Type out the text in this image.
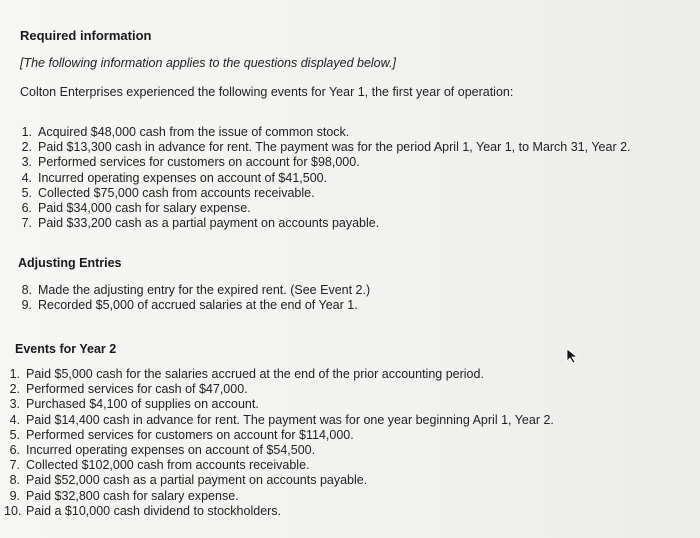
Required information
[The following information applies to the questions displayed below.]
Colton Enterprises experienced the following events for Year 1, the first year of operation:
1. Acquired $48,000 cash from the issue of common stock.
2. Paid $13,300 cash in advance for rent. The payment was for the period April 1, Year 1, to March 31, Year 2.
3. Performed services for customers on account for $98,000.
4. Incurred operating expenses on account of $41,500.
5. Collected $75,000 cash from accounts receivable.
6. Paid $34,000 cash for salary expense.
7. Paid $33,200 cash as a partial payment on accounts payable.
Adjusting Entries
8. Made the adjusting entry for the expired rent. (See Event 2.)
9. Recorded $5,000 of accrued salaries at the end of Year 1.
Events for Year 2
1. Paid $5,000 cash for the salaries accrued at the end of the prior accounting period.
2. Performed services for cash of $47,000.
3. Purchased $4,100 of supplies on account.
4. Paid $14,400 cash in advance for rent. The payment was for one year beginning April 1, Year 2.
5. Performed services for customers on account for $114,000.
6. Incurred operating expenses on account of $54,500.
7. Collected $102,000 cash from accounts receivable.
8. Paid $52,000 cash as a partial payment on accounts payable.
9. Paid $32,800 cash for salary expense.
10. Paid a $10,000 cash dividend to stockholders.
